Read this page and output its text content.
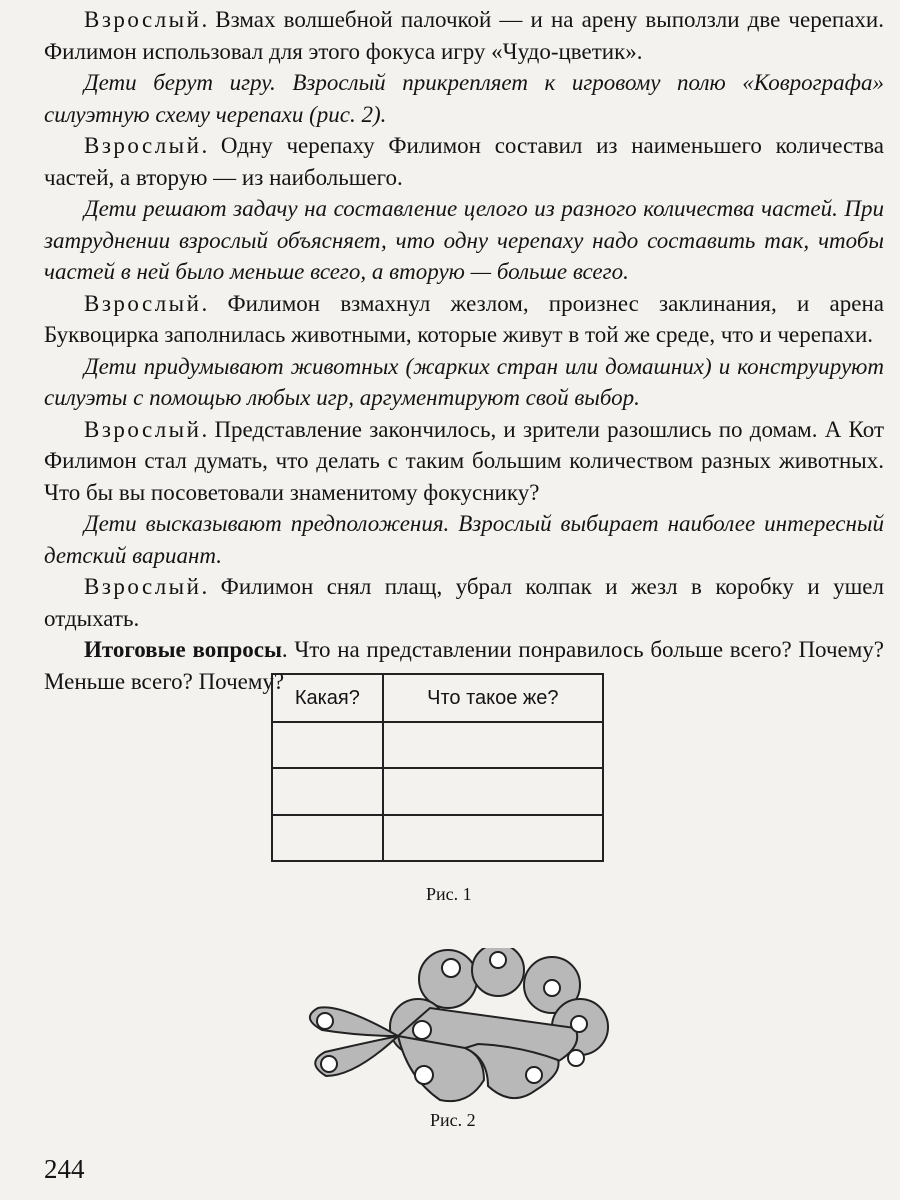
Взрослый. Взмах волшебной палочкой — и на арену выползли две черепахи. Филимон использовал для этого фокуса игру «Чудо-цветик».

Дети берут игру. Взрослый прикрепляет к игровому полю «Коврографа» силуэтную схему черепахи (рис. 2).

Взрослый. Одну черепаху Филимон составил из наименьшего количества частей, а вторую — из наибольшего.

Дети решают задачу на составление целого из разного количества частей. При затруднении взрослый объясняет, что одну черепаху надо составить так, чтобы частей в ней было меньше всего, а вторую — больше всего.

Взрослый. Филимон взмахнул жезлом, произнес заклинания, и арена Буквоцирка заполнилась животными, которые живут в той же среде, что и черепахи.

Дети придумывают животных (жарких стран или домашних) и конструируют силуэты с помощью любых игр, аргументируют свой выбор.

Взрослый. Представление закончилось, и зрители разошлись по домам. А Кот Филимон стал думать, что делать с таким большим количеством разных животных. Что бы вы посоветовали знаменитому фокуснику?

Дети высказывают предположения. Взрослый выбирает наиболее интересный детский вариант.

Взрослый. Филимон снял плащ, убрал колпак и жезл в коробку и ушел отдыхать.

Итоговые вопросы. Что на представлении понравилось больше всего? Почему? Меньше всего? Почему?

Какая?	Что такое же?

Рис. 1
Рис. 2
244
